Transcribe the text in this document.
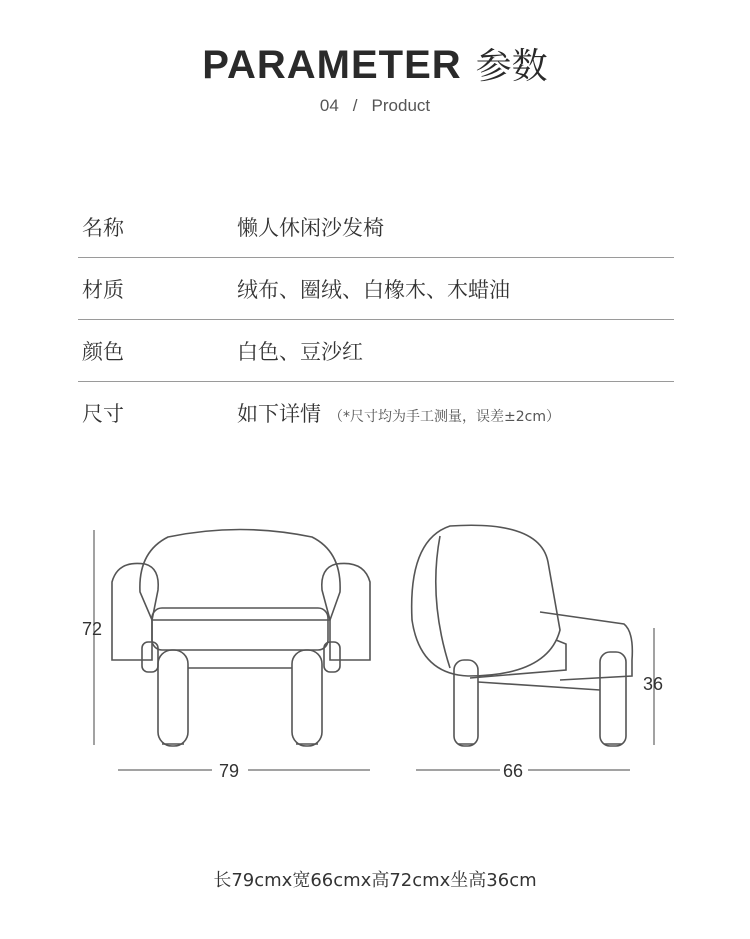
PARAMETER 参数
04 / Product
名称	懒人休闲沙发椅
材质	绒布、圈绒、白橡木、木蜡油
颜色	白色、豆沙红
尺寸	如下详情 （*尺寸均为手工测量，误差±2cm）
72
79	66
36
长79cmx宽66cmx高72cmx坐高36cm
